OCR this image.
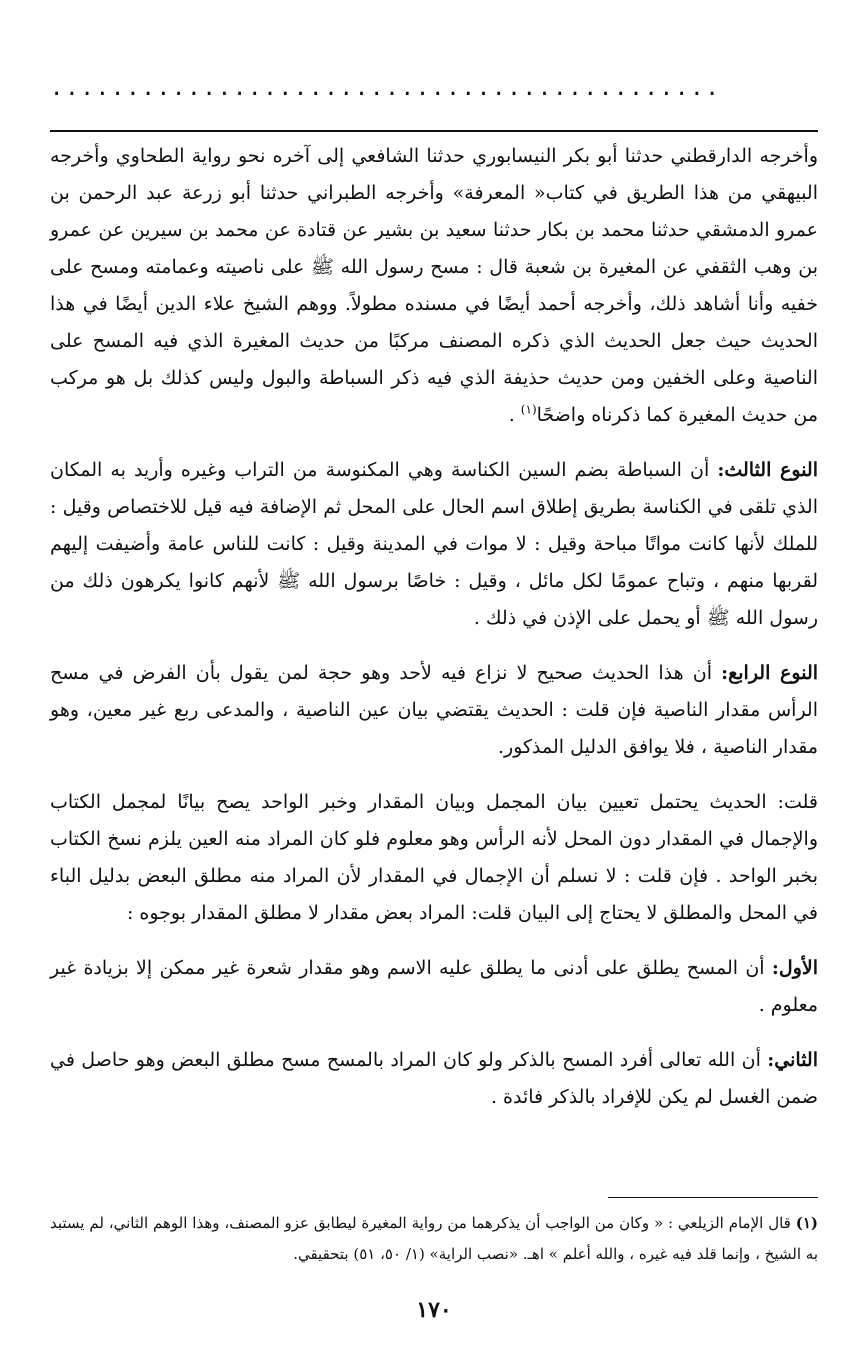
............................................

وأخرجه الدارقطني حدثنا أبو بكر النيسابوري حدثنا الشافعي إلى آخره نحو رواية الطحاوي وأخرجه البيهقي من هذا الطريق في كتاب« المعرفة» وأخرجه الطبراني حدثنا أبو زرعة عبد الرحمن بن عمرو الدمشقي حدثنا محمد بن بكار حدثنا سعيد بن بشير عن قتادة عن محمد بن سيرين عن عمرو بن وهب الثقفي عن المغيرة بن شعبة قال : مسح رسول الله ﷺ على ناصيته وعمامته ومسح على خفيه وأنا أشاهد ذلك، وأخرجه أحمد أيضًا في مسنده مطولاً. ووهم الشيخ علاء الدين أيضًا في هذا الحديث حيث جعل الحديث الذي ذكره المصنف مركبًا من حديث المغيرة الذي فيه المسح على الناصية وعلى الخفين ومن حديث حذيفة الذي فيه ذكر السباطة والبول وليس كذلك بل هو مركب من حديث المغيرة كما ذكرناه واضحًا$^{(١)}$ .

النوع الثالث: أن السباطة بضم السين الكناسة وهي المكنوسة من التراب وغيره وأريد به المكان الذي تلقى في الكناسة بطريق إطلاق اسم الحال على المحل ثم الإضافة فيه قيل للاختصاص وقيل : للملك لأنها كانت مواتًا مباحة وقيل : لا موات في المدينة وقيل : كانت للناس عامة وأضيفت إليهم لقربها منهم ، وتباح عمومًا لكل مائل ، وقيل : خاصًا برسول الله ﷺ لأنهم كانوا يكرهون ذلك من رسول الله ﷺ أو يحمل على الإذن في ذلك .

النوع الرابع: أن هذا الحديث صحيح لا نزاع فيه لأحد وهو حجة لمن يقول بأن الفرض في مسح الرأس مقدار الناصية فإن قلت : الحديث يقتضي بيان عين الناصية ، والمدعى ربع غير معين، وهو مقدار الناصية ، فلا يوافق الدليل المذكور.

قلت: الحديث يحتمل تعيين بيان المجمل وبيان المقدار وخبر الواحد يصح بيانًا لمجمل الكتاب والإجمال في المقدار دون المحل لأنه الرأس وهو معلوم فلو كان المراد منه العين يلزم نسخ الكتاب بخبر الواحد . فإن قلت : لا نسلم أن الإجمال في المقدار لأن المراد منه مطلق البعض بدليل الباء في المحل والمطلق لا يحتاج إلى البيان قلت: المراد بعض مقدار لا مطلق المقدار بوجوه :

الأول: أن المسح يطلق على أدنى ما يطلق عليه الاسم وهو مقدار شعرة غير ممكن إلا بزيادة غير معلوم .

الثاني: أن الله تعالى أفرد المسح بالذكر ولو كان المراد بالمسح مسح مطلق البعض وهو حاصل في ضمن الغسل لم يكن للإفراد بالذكر فائدة .

(١) قال الإمام الزيلعي : « وكان من الواجب أن يذكرهما من رواية المغيرة ليطابق عزو المصنف، وهذا الوهم الثاني، لم يستبد به الشيخ ، وإنما قلد فيه غيره ، والله أعلم » اهـ. «نصب الراية» (١/ ٥٠، ٥١) بتحقيقي.
١٧٠
